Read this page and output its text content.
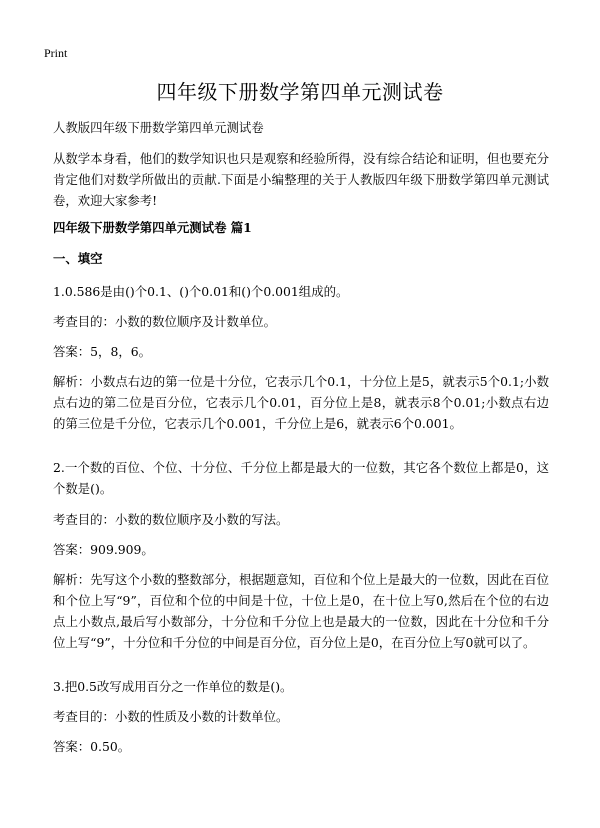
Print
四年级下册数学第四单元测试卷
人教版四年级下册数学第四单元测试卷
从数学本身看，他们的数学知识也只是观察和经验所得，没有综合结论和证明，但也要充分肯定他们对数学所做出的贡献.下面是小编整理的关于人教版四年级下册数学第四单元测试卷，欢迎大家参考!
四年级下册数学第四单元测试卷 篇1
一、填空
1.0.586是由()个0.1、()个0.01和()个0.001组成的。
考查目的：小数的数位顺序及计数单位。
答案：5，8，6。
解析：小数点右边的第一位是十分位，它表示几个0.1，十分位上是5，就表示5个0.1;小数点右边的第二位是百分位，它表示几个0.01，百分位上是8，就表示8个0.01;小数点右边的第三位是千分位，它表示几个0.001，千分位上是6，就表示6个0.001。
2.一个数的百位、个位、十分位、千分位上都是最大的一位数，其它各个数位上都是0，这个数是()。
考查目的：小数的数位顺序及小数的写法。
答案：909.909。
解析：先写这个小数的整数部分，根据题意知，百位和个位上是最大的一位数，因此在百位和个位上写“9”，百位和个位的中间是十位，十位上是0，在十位上写0,然后在个位的右边点上小数点,最后写小数部分，十分位和千分位上也是最大的一位数，因此在十分位和千分位上写“9”，十分位和千分位的中间是百分位，百分位上是0，在百分位上写0就可以了。
3.把0.5改写成用百分之一作单位的数是()。
考查目的：小数的性质及小数的计数单位。
答案：0.50。
